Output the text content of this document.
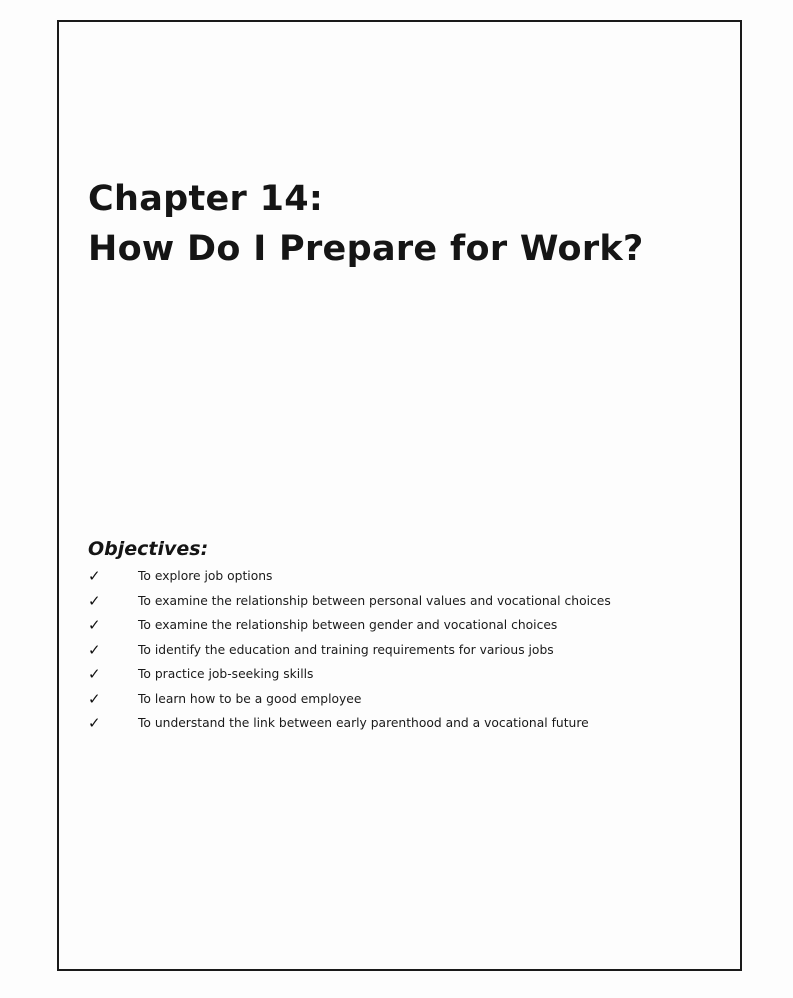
Chapter 14:
How Do I Prepare for Work?
Objectives:
✓	To explore job options
✓	To examine the relationship between personal values and vocational choices
✓	To examine the relationship between gender and vocational choices
✓	To identify the education and training requirements for various jobs
✓	To practice job-seeking skills
✓	To learn how to be a good employee
✓	To understand the link between early parenthood and a vocational future
